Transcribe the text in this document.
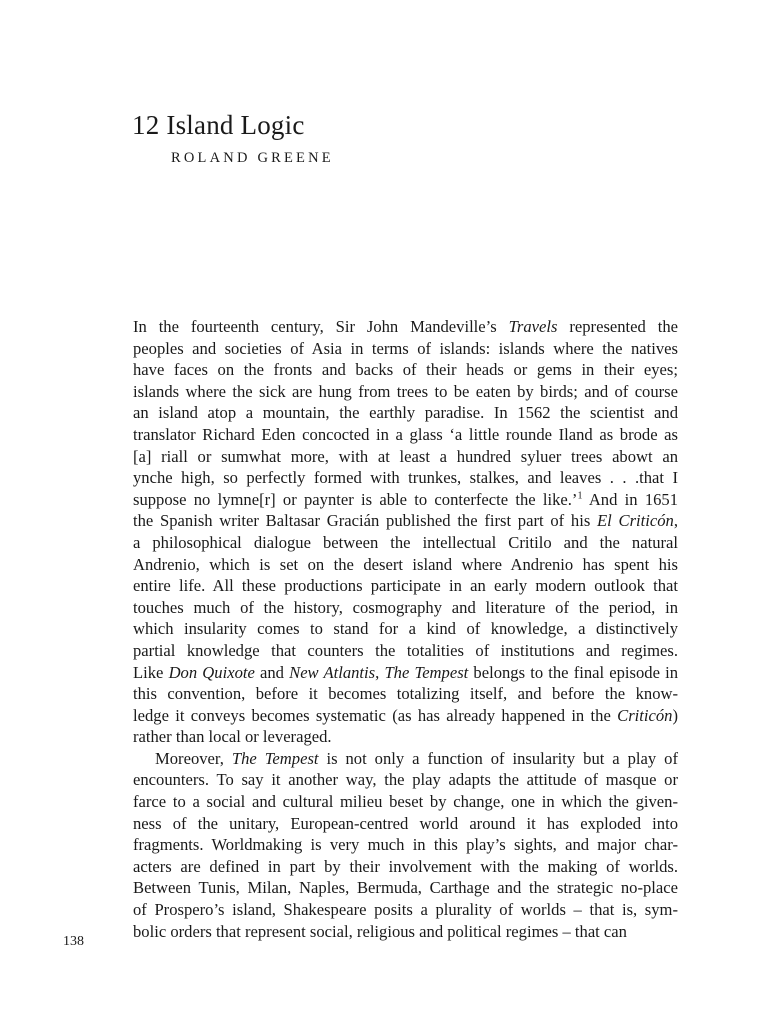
12 Island Logic
ROLAND GREENE
In the fourteenth century, Sir John Mandeville’s Travels represented the
peoples and societies of Asia in terms of islands: islands where the natives
have faces on the fronts and backs of their heads or gems in their eyes;
islands where the sick are hung from trees to be eaten by birds; and of course
an island atop a mountain, the earthly paradise. In 1562 the scientist and
translator Richard Eden concocted in a glass ‘a little rounde Iland as brode as
[a] riall or sumwhat more, with at least a hundred syluer trees abowt an
ynche high, so perfectly formed with trunkes, stalkes, and leaves . . .that I
suppose no lymne[r] or paynter is able to conterfecte the like.’$^1$ And in 1651
the Spanish writer Baltasar Gracián published the first part of his El Criticón,
a philosophical dialogue between the intellectual Critilo and the natural
Andrenio, which is set on the desert island where Andrenio has spent his
entire life. All these productions participate in an early modern outlook that
touches much of the history, cosmography and literature of the period, in
which insularity comes to stand for a kind of knowledge, a distinctively
partial knowledge that counters the totalities of institutions and regimes.
Like Don Quixote and New Atlantis, The Tempest belongs to the final episode in
this convention, before it becomes totalizing itself, and before the know-
ledge it conveys becomes systematic (as has already happened in the Criticón)
rather than local or leveraged.
Moreover, The Tempest is not only a function of insularity but a play of
encounters. To say it another way, the play adapts the attitude of masque or
farce to a social and cultural milieu beset by change, one in which the given-
ness of the unitary, European-centred world around it has exploded into
fragments. Worldmaking is very much in this play’s sights, and major char-
acters are defined in part by their involvement with the making of worlds.
Between Tunis, Milan, Naples, Bermuda, Carthage and the strategic no-place
of Prospero’s island, Shakespeare posits a plurality of worlds – that is, sym-
bolic orders that represent social, religious and political regimes – that can
138
